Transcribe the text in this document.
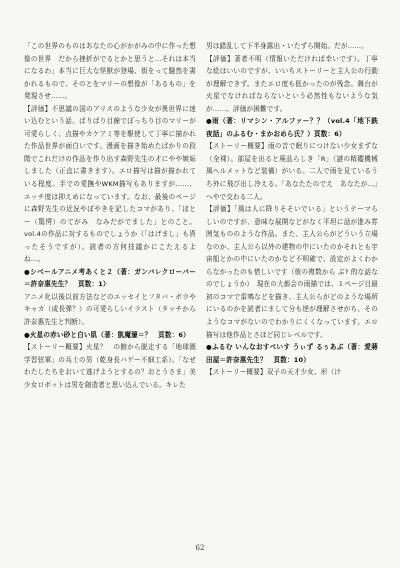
「この世界のものはあなたの心がかがみの中に作った想像の世界　だから挫折がでるとかと思うと…それは本当になるわ」本当に巨大な怪獣が登場、街をって騒然を書かれるもので、そのとをマリーの想像が「あるもの」を発現させ……。

【評価】不思議の国のアリスのような少女が異世界に迷い込むという話。ぱりぱり目線でぽっちり目のマリーが可愛らしく、点描やカケアミ等を駆使して丁寧に描かれた作品世界が面白いです。漫画を描き始めたばかりの段階でこれだけの作品を作り出す森野先生の才にやや嫉妬しました（正直に書きます）。エロ描写は描が描かれている程度。手での愛撫やWKM描写もありますが……、エッチ度は抑えめになっています。なお、最後のページに森野先生の近況やぼやきを記したコマがあり、「ほとー（驚愕）のてがみ　なみだがでました」とのこと。vol.4の作品に対するものでしょうか（「はげまし」も貰ったそうですが）。読者の方何技議かにこたえるよね…。

●シベールアニメ考あくと２（著：ガンバレクローバー＝許奈惠先生？　頁数：1）

アニメ化以後以前方法などのエッセイとフタバ・ボウやキャカ（成長弾？）の可愛らしいイラスト（タッチから許奈惠先生と判断）。

●火星の赤い砂と白い肌（著：凱魔濠＝？　頁数：6）

【ストーリー概要】火星？　の館から脱走する「地球圏学習弦軍」の兵士の男（乾身長バゲー不細工系）。「なぜわたしたちをおいて逃げようとするの？おとうさま」美少女ロボットは男を創造者と思い込んでいる。キレた

男は錯乱して下半身露出・いたずら開始。だが……。

【評価】著者不明（情報いただければ幸いです）。丁寧な絵はいいのですが、いいちストーリーと主人公の行動が理解できず。またエロ度も低かったのが残念。舞台が火星でなければならないという必然性もないような気が……。評価が困難です。

●雨（著：リマシン・アルファー？？（vol.4「地下鉄夜話」のふるむ・まかおめら氏？）頁数：6）

【ストーリー概要】雨の音で眠りにつけない少女まずな（全裸）。部屋を出ると廃品らしき「R」（謎の精鑑機械風ヘルメットなど装備）がいる。二人で雨を見ているうち外に飛び出し冷える。「あなたたのでえ　あなたが…」へやで交わる二人。

【評価】「風は人に降りそそいでいる」というテーマらしいのですが、意味な展開などがなく平坦に話が進み雰囲気もののような作品。また、主人公らがどういう立場なのか、主人公ら以外の建物の中にいたのかそれとも宇宙船とかの中にいたのかなど不明確で、設定がよくわからなかったのも惜しいです（彼の複数から ぶ? 的な話なのでしょうか）　現在の大都会の雨描では、１ページ目最初のコマで雷鳴などを描き、主人公らがどのような場所にいるのかを読者にまして分も逆が理解させがち、そのようなコマがないのでわかりにくくなっています。エロ描写は他作品とさほど同じレベルです。

●ふるむ いんなおすぺいす うぃず るぅあぶ（著：愛蔣田屋＝許奈惠先生？　頁数：10）

【ストーリー概要】双子の天才少女、形（け

62
